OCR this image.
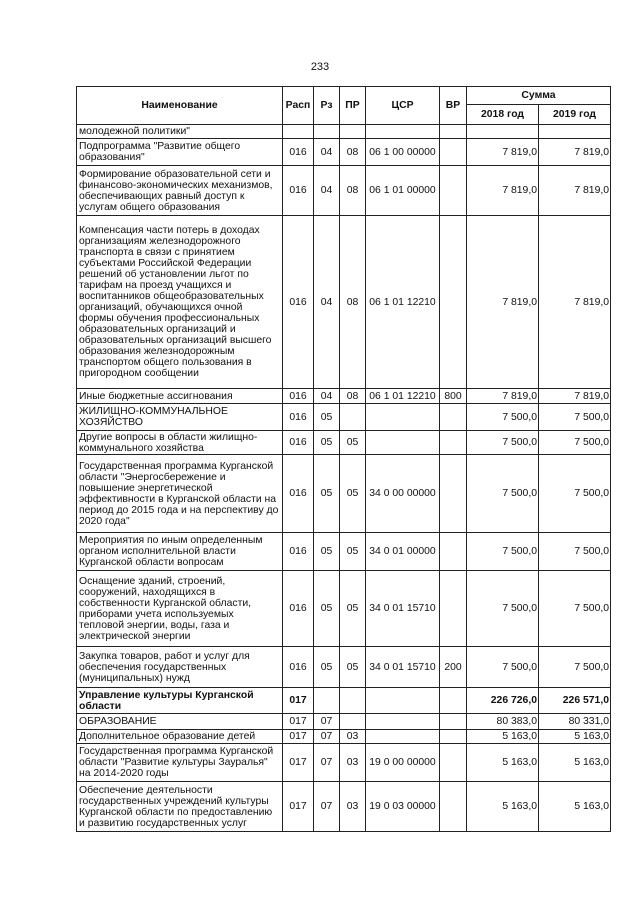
233
Наименование	Расп	Рз	ПР	ЦСР	ВР	Сумма	
						2018 год	2019 год
молодежной политики"							
Подпрограмма "Развитие общего образования"	016	04	08	06 1 00 00000		7 819,0	7 819,0
Формирование образовательной сети и финансово-экономических механизмов, обеспечивающих равный доступ к услугам общего образования	016	04	08	06 1 01 00000		7 819,0	7 819,0
Компенсация части потерь в доходах организациям железнодорожного транспорта в связи с принятием субъектами Российской Федерации решений об установлении льгот по тарифам на проезд учащихся и воспитанников общеобразовательных организаций, обучающихся очной формы обучения профессиональных образовательных организаций и образовательных организаций высшего образования железнодорожным транспортом общего пользования в пригородном сообщении	016	04	08	06 1 01 12210		7 819,0	7 819,0
Иные бюджетные ассигнования	016	04	08	06 1 01 12210	800	7 819,0	7 819,0
ЖИЛИЩНО-КОММУНАЛЬНОЕ ХОЗЯЙСТВО	016	05				7 500,0	7 500,0
Другие вопросы в области жилищно-коммунального хозяйства	016	05	05			7 500,0	7 500,0
Государственная программа Курганской области "Энергосбережение и повышение энергетической эффективности в Курганской области на период до 2015 года и на перспективу до 2020 года"	016	05	05	34 0 00 00000		7 500,0	7 500,0
Мероприятия по иным определенным органом исполнительной власти Курганской области вопросам	016	05	05	34 0 01 00000		7 500,0	7 500,0
Оснащение зданий, строений, сооружений, находящихся в собственности Курганской области, приборами учета используемых тепловой энергии, воды, газа и электрической энергии	016	05	05	34 0 01 15710		7 500,0	7 500,0
Закупка товаров, работ и услуг для обеспечения государственных (муниципальных) нужд	016	05	05	34 0 01 15710	200	7 500,0	7 500,0
Управление культуры Курганской области	017					226 726,0	226 571,0
ОБРАЗОВАНИЕ	017	07				80 383,0	80 331,0
Дополнительное образование детей	017	07	03			5 163,0	5 163,0
Государственная программа Курганской области "Развитие культуры Зауралья" на 2014-2020 годы	017	07	03	19 0 00 00000		5 163,0	5 163,0
Обеспечение деятельности государственных учреждений культуры Курганской области по предоставлению и развитию государственных услуг	017	07	03	19 0 03 00000		5 163,0	5 163,0
